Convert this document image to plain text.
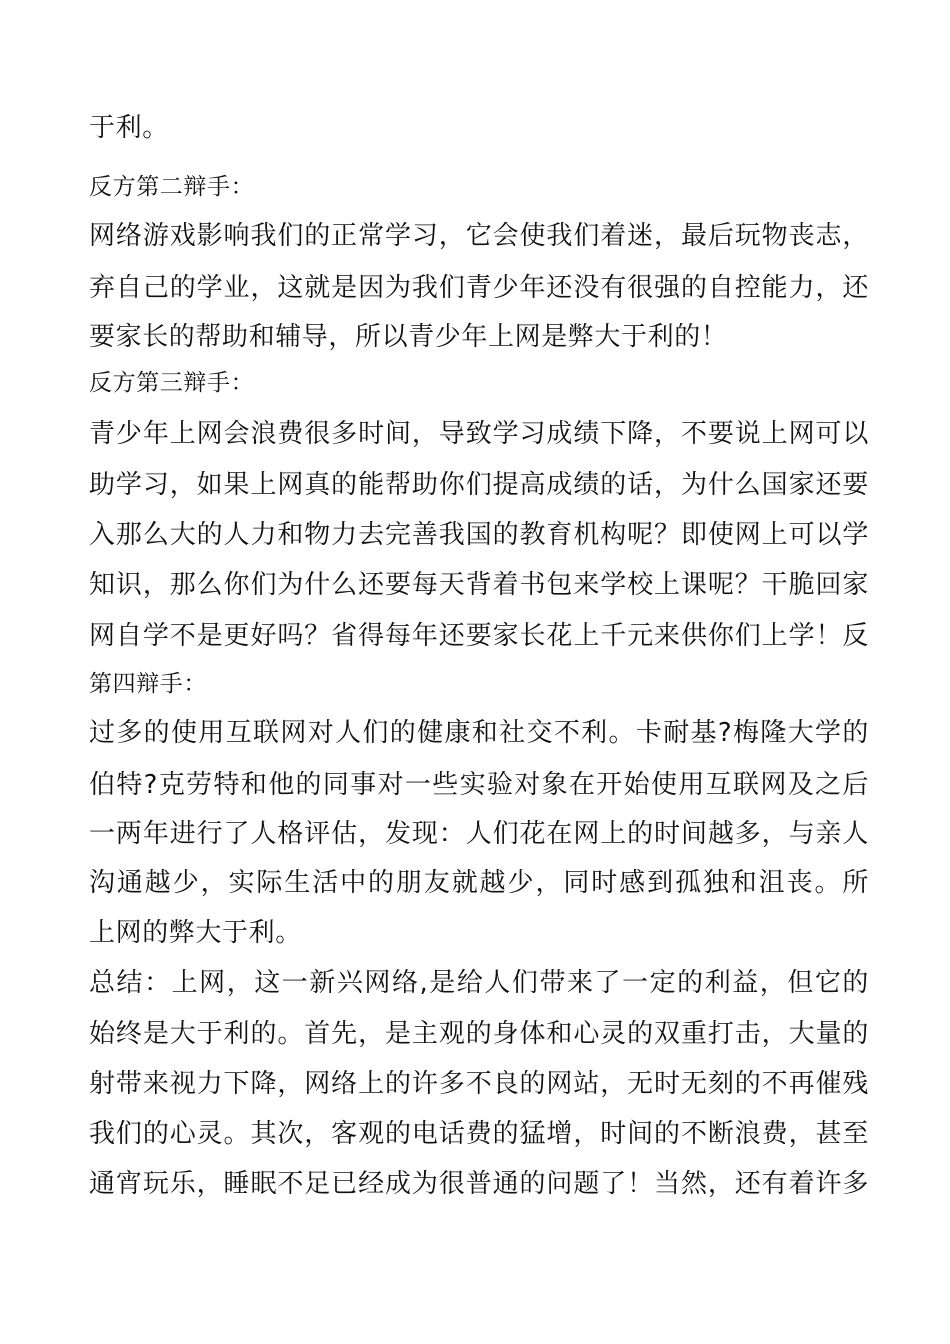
于利。
反方第二辩手：
网络游戏影响我们的正常学习，它会使我们着迷，最后玩物丧志，
弃自己的学业，这就是因为我们青少年还没有很强的自控能力，还
要家长的帮助和辅导，所以青少年上网是弊大于利的！
反方第三辩手：
青少年上网会浪费很多时间，导致学习成绩下降，不要说上网可以
助学习，如果上网真的能帮助你们提高成绩的话，为什么国家还要
入那么大的人力和物力去完善我国的教育机构呢？即使网上可以学
知识，那么你们为什么还要每天背着书包来学校上课呢？干脆回家
网自学不是更好吗？省得每年还要家长花上千元来供你们上学！反
第四辩手：
过多的使用互联网对人们的健康和社交不利。卡耐基?梅隆大学的
伯特?克劳特和他的同事对一些实验对象在开始使用互联网及之后
一两年进行了人格评估，发现：人们花在网上的时间越多，与亲人
沟通越少，实际生活中的朋友就越少，同时感到孤独和沮丧。所
上网的弊大于利。
总结：上网，这一新兴网络,是给人们带来了一定的利益，但它的
始终是大于利的。首先，是主观的身体和心灵的双重打击，大量的
射带来视力下降，网络上的许多不良的网站，无时无刻的不再催残
我们的心灵。其次，客观的电话费的猛增，时间的不断浪费，甚至
通宵玩乐，睡眠不足已经成为很普通的问题了！当然，还有着许多
